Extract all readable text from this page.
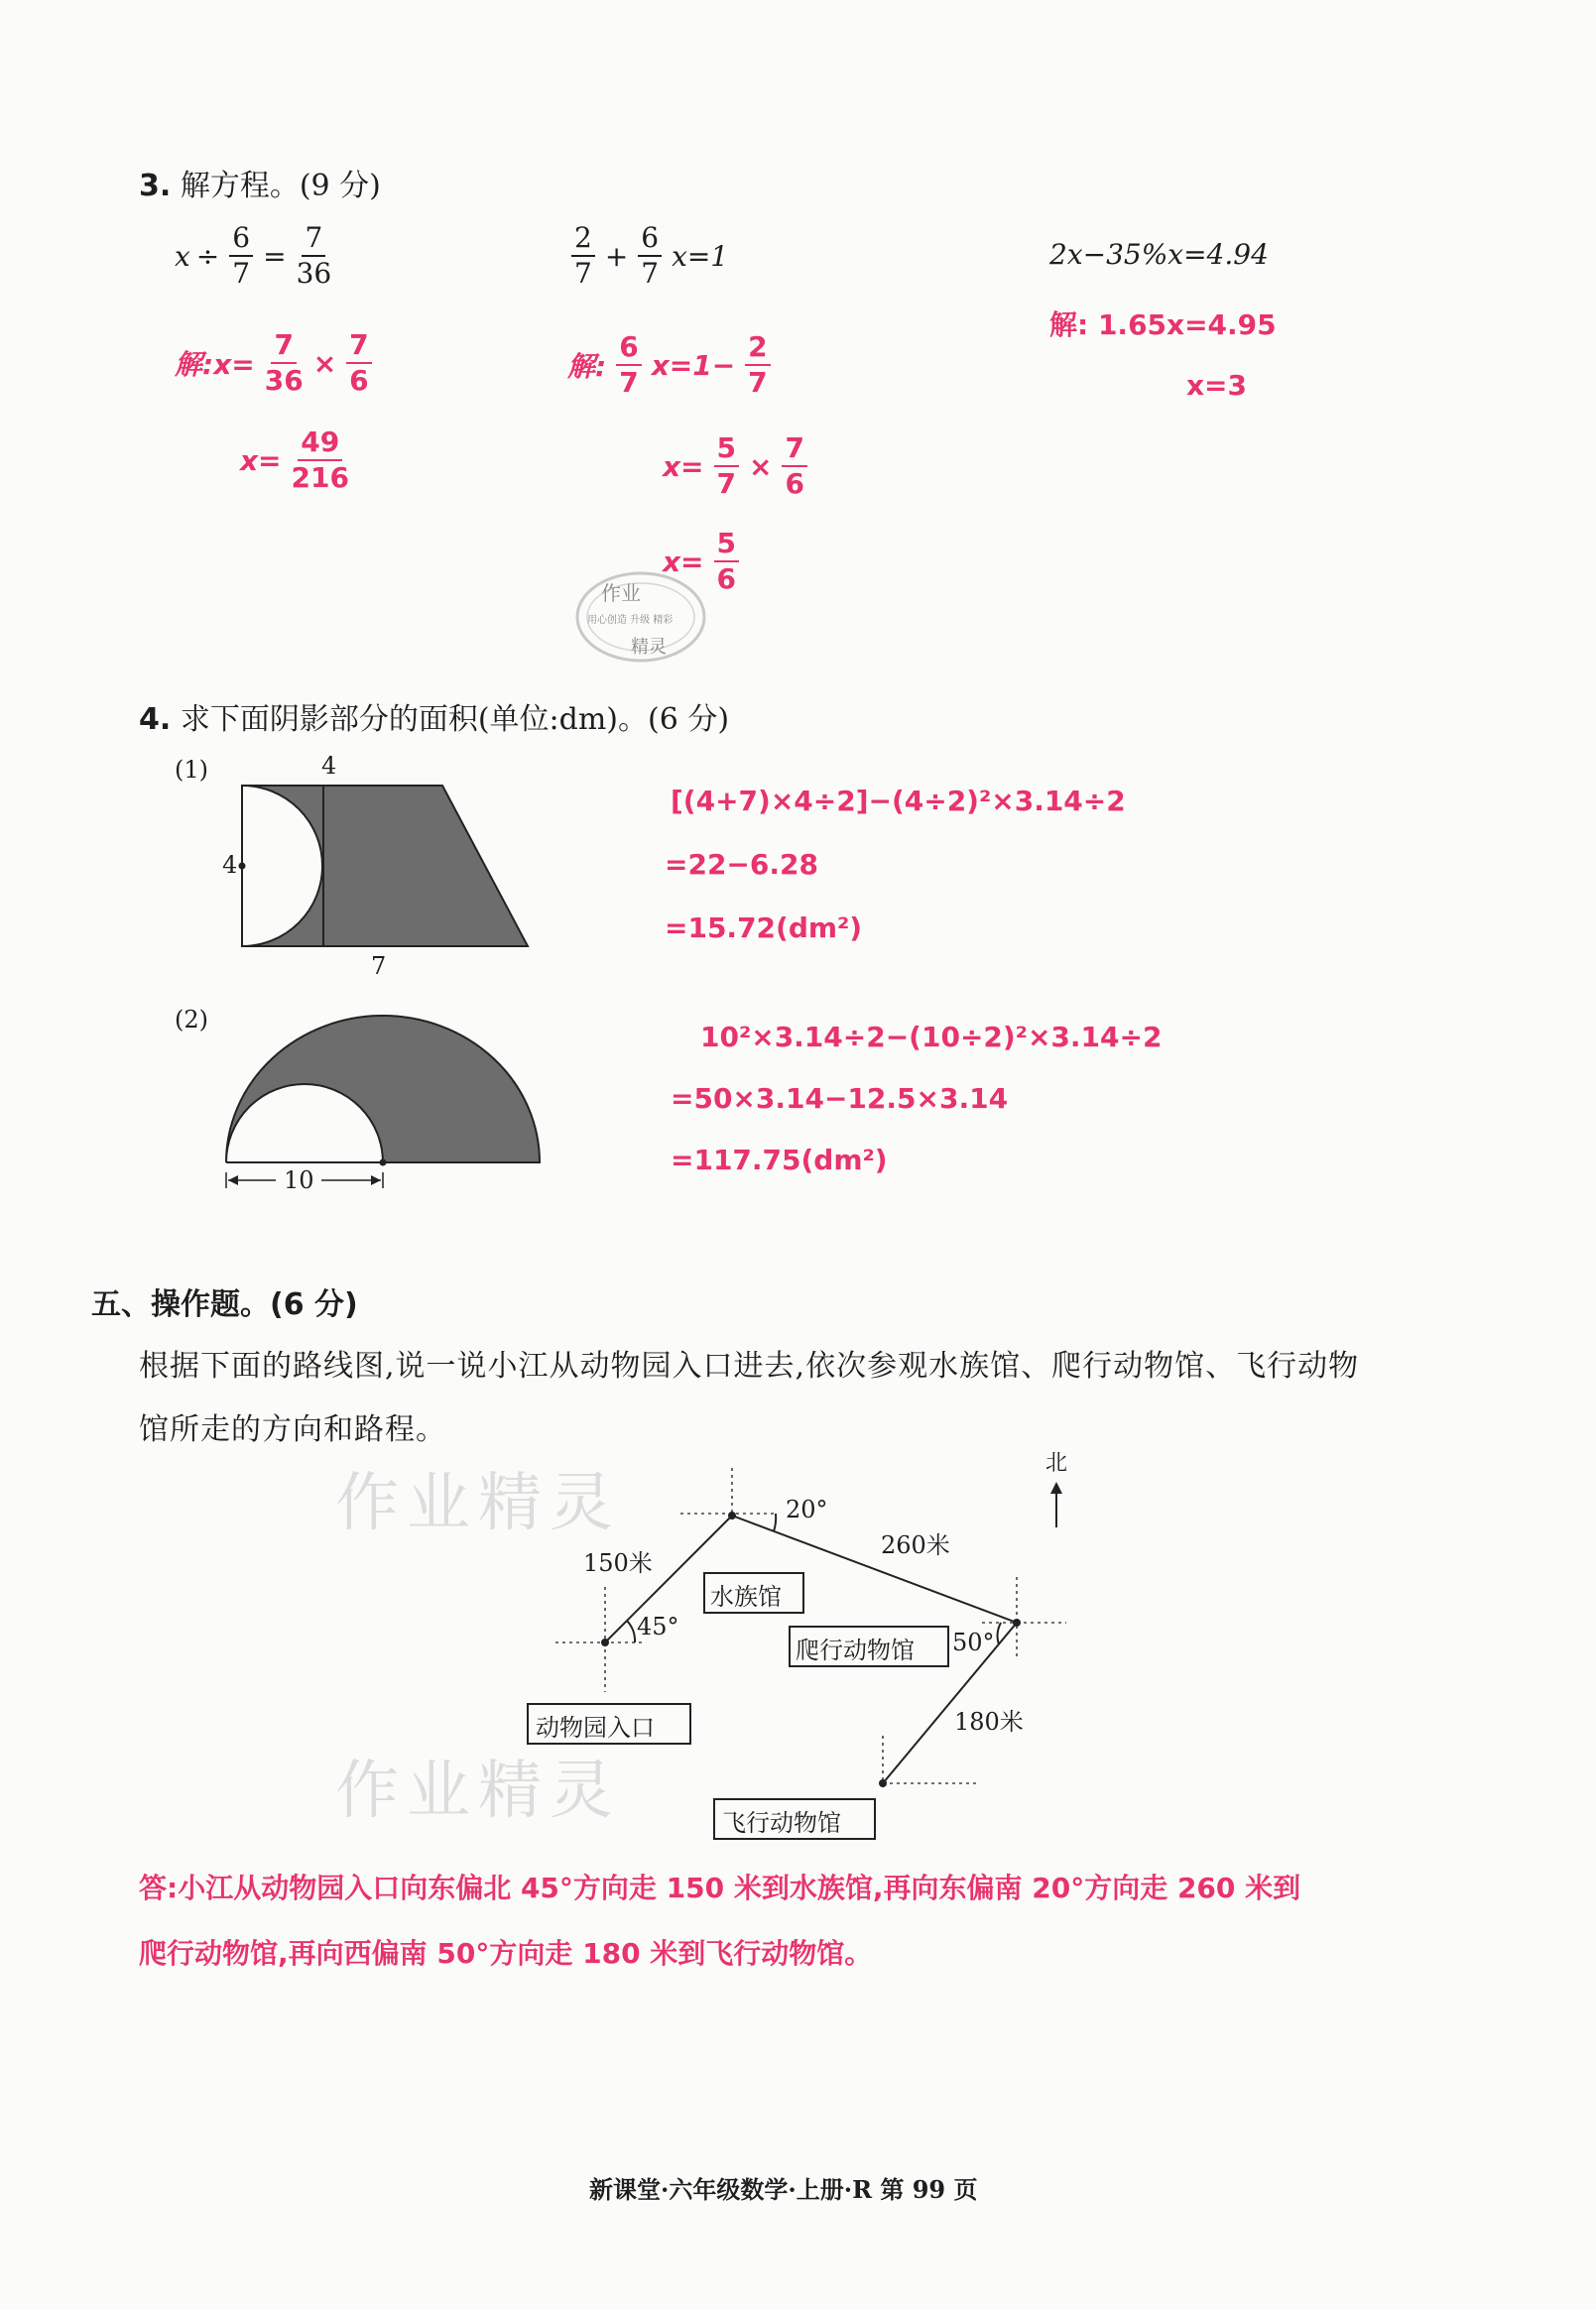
3. 解方程。(9 分)
$x \div \frac{6}{7} = \frac{7}{36}$	2
7
+ $\frac{6}{7} x=1$	2x−35%x=4.94
解:x= $\frac{7}{36} \times \frac{7}{6}$
$x= \frac{49}{216}$
解:
6
7
$x=1- \frac{2}{7}$
$x= \frac{5}{7} \times \frac{7}{6}$
$x= \frac{5}{6}$
解: 1.65x=4.95
x=3
作业
用心创造 升级 精彩
精灵
4. 求下面阴影部分的面积(单位:dm)。(6 分)
(1)	4
4
7
[(4+7)×4÷2]−(4÷2)²×3.14÷2
=22−6.28
=15.72(dm²)
(2)
10
10²×3.14÷2−(10÷2)²×3.14÷2
=50×3.14−12.5×3.14
=117.75(dm²)
五、操作题。(6 分)
根据下面的路线图,说一说小江从动物园入口进去,依次参观水族馆、爬行动物馆、飞行动物
馆所走的方向和路程。
作业精灵
作业精灵
北
水族馆
爬行动物馆
动物园入口
飞行动物馆
150米
260米
180米
45°
20°
50°
答:小江从动物园入口向东偏北 45°方向走 150 米到水族馆,再向东偏南 20°方向走 260 米到
爬行动物馆,再向西偏南 50°方向走 180 米到飞行动物馆。
新课堂·六年级数学·上册·R 第 99 页
